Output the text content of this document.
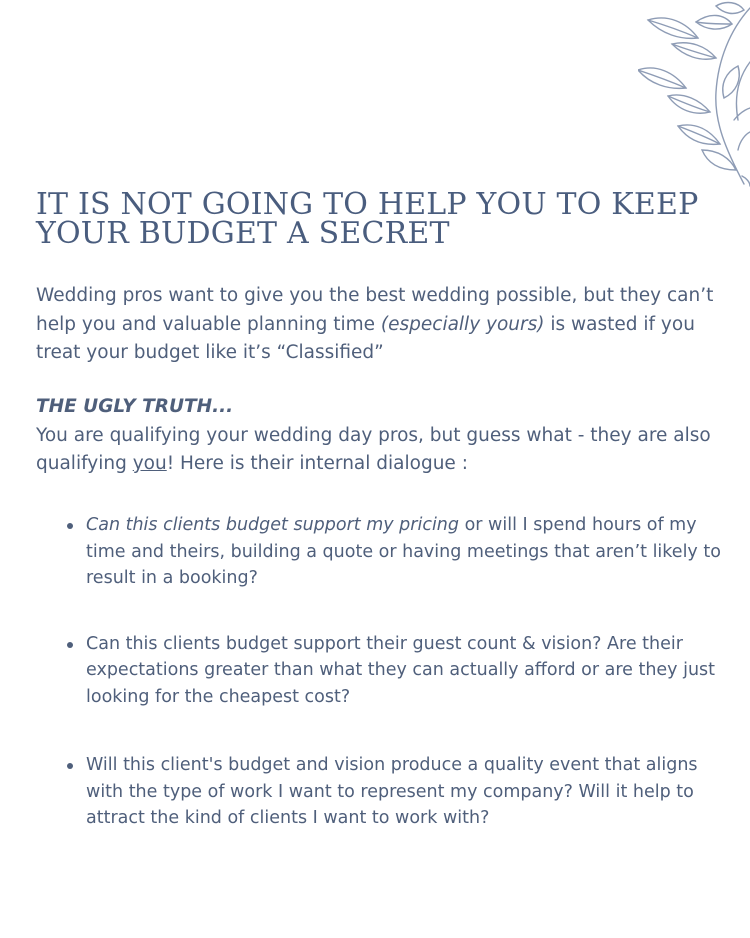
IT IS NOT GOING TO HELP YOU TO KEEP
YOUR BUDGET A SECRET

Wedding pros want to give you the best wedding possible, but they can’t help you and valuable planning time (especially yours) is wasted if you treat your budget like it’s “Classified”

THE UGLY TRUTH...
You are qualifying your wedding day pros, but guess what - they are also qualifying you! Here is their internal dialogue :

Can this clients budget support my pricing or will I spend hours of my time and theirs, building a quote or having meetings that aren’t likely to result in a booking?
Can this clients budget support their guest count & vision? Are their expectations greater than what they can actually afford or are they just looking for the cheapest cost?
Will this client's budget and vision produce a quality event that aligns with the type of work I want to represent my company? Will it help to attract the kind of clients I want to work with?
